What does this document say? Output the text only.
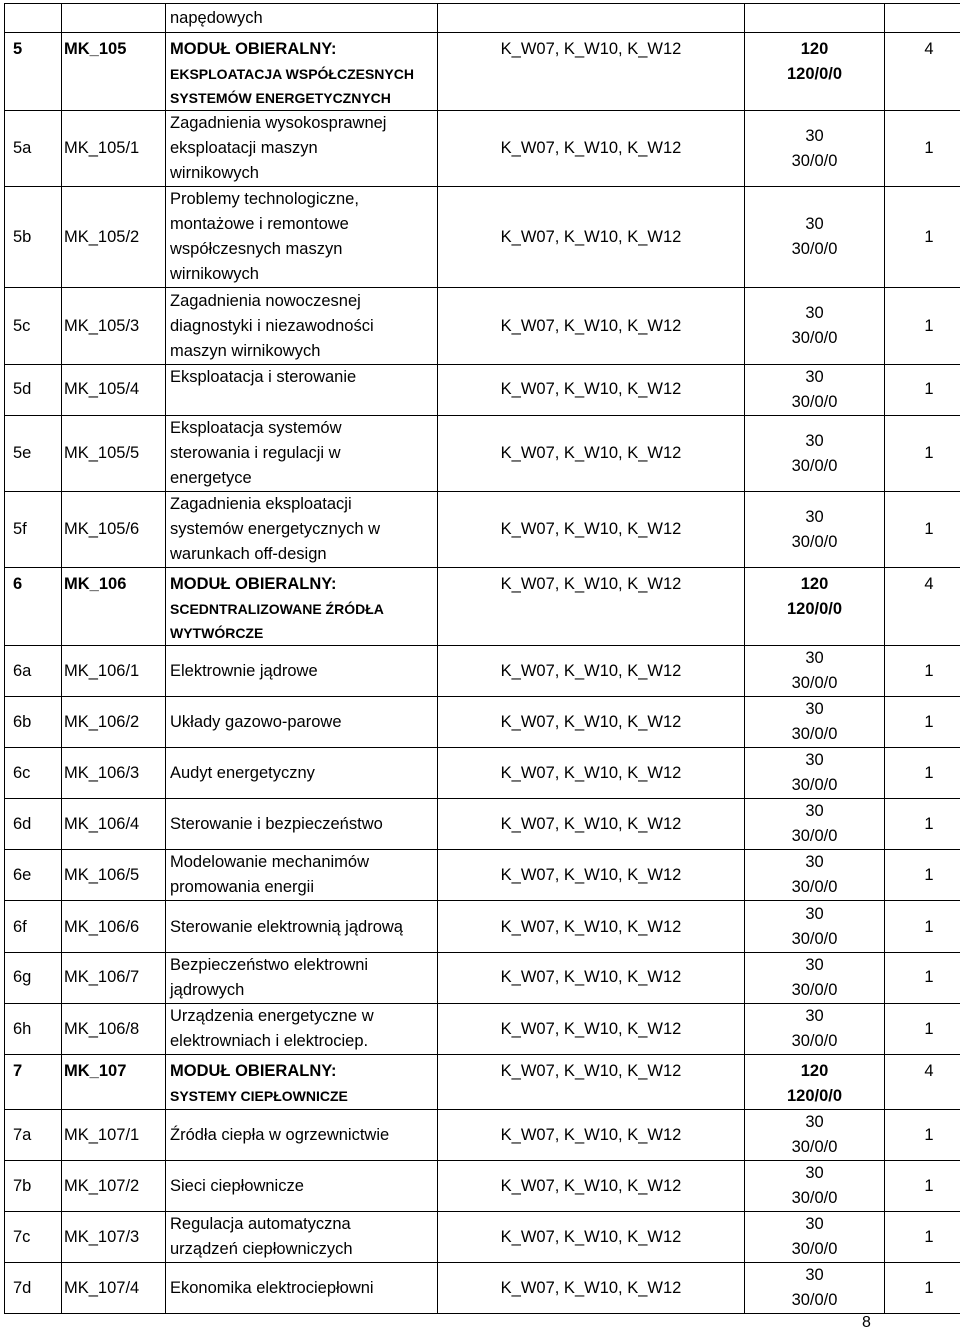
		napędowych			

5	MK_105	MODUŁ OBIERALNY:
EKSPLOATACJA WSPÓŁCZESNYCH
SYSTEMÓW ENERGETYCZNYCH	K_W07, K_W10, K_W12	120
120/0/0	4

5a	MK_105/1	Zagadnienia wysokosprawnej
eksploatacji maszyn
wirnikowych	K_W07, K_W10, K_W12	30
30/0/0	1

5b	MK_105/2	Problemy technologiczne,
montażowe i remontowe
współczesnych maszyn
wirnikowych	K_W07, K_W10, K_W12	30
30/0/0	1

5c	MK_105/3	Zagadnienia nowoczesnej
diagnostyki i niezawodności
maszyn wirnikowych	K_W07, K_W10, K_W12	30
30/0/0	1

5d	MK_105/4	Eksploatacja i sterowanie	K_W07, K_W10, K_W12	30
30/0/0	1

5e	MK_105/5	Eksploatacja systemów
sterowania i regulacji w
energetyce	K_W07, K_W10, K_W12	30
30/0/0	1

5f	MK_105/6	Zagadnienia eksploatacji
systemów energetycznych w
warunkach off-design	K_W07, K_W10, K_W12	30
30/0/0	1

6	MK_106	MODUŁ OBIERALNY:
SCEDNTRALIZOWANE ŹRÓDŁA
WYTWÓRCZE	K_W07, K_W10, K_W12	120
120/0/0	4

6a	MK_106/1	Elektrownie jądrowe	K_W07, K_W10, K_W12	30
30/0/0	1

6b	MK_106/2	Układy gazowo-parowe	K_W07, K_W10, K_W12	30
30/0/0	1

6c	MK_106/3	Audyt energetyczny	K_W07, K_W10, K_W12	30
30/0/0	1

6d	MK_106/4	Sterowanie i bezpieczeństwo	K_W07, K_W10, K_W12	30
30/0/0	1

6e	MK_106/5	Modelowanie mechanimów
promowania energii	K_W07, K_W10, K_W12	30
30/0/0	1

6f	MK_106/6	Sterowanie elektrownią jądrową	K_W07, K_W10, K_W12	30
30/0/0	1

6g	MK_106/7	Bezpieczeństwo elektrowni
jądrowych	K_W07, K_W10, K_W12	30
30/0/0	1

6h	MK_106/8	Urządzenia energetyczne w
elektrowniach i elektrociep.	K_W07, K_W10, K_W12	30
30/0/0	1

7	MK_107	MODUŁ OBIERALNY:
SYSTEMY CIEPŁOWNICZE	K_W07, K_W10, K_W12	120
120/0/0	4

7a	MK_107/1	Źródła ciepła w ogrzewnictwie	K_W07, K_W10, K_W12	30
30/0/0	1

7b	MK_107/2	Sieci ciepłownicze	K_W07, K_W10, K_W12	30
30/0/0	1

7c	MK_107/3	Regulacja automatyczna
urządzeń ciepłowniczych	K_W07, K_W10, K_W12	30
30/0/0	1

7d	MK_107/4	Ekonomika elektrociepłowni	K_W07, K_W10, K_W12	30
30/0/0	1
8
